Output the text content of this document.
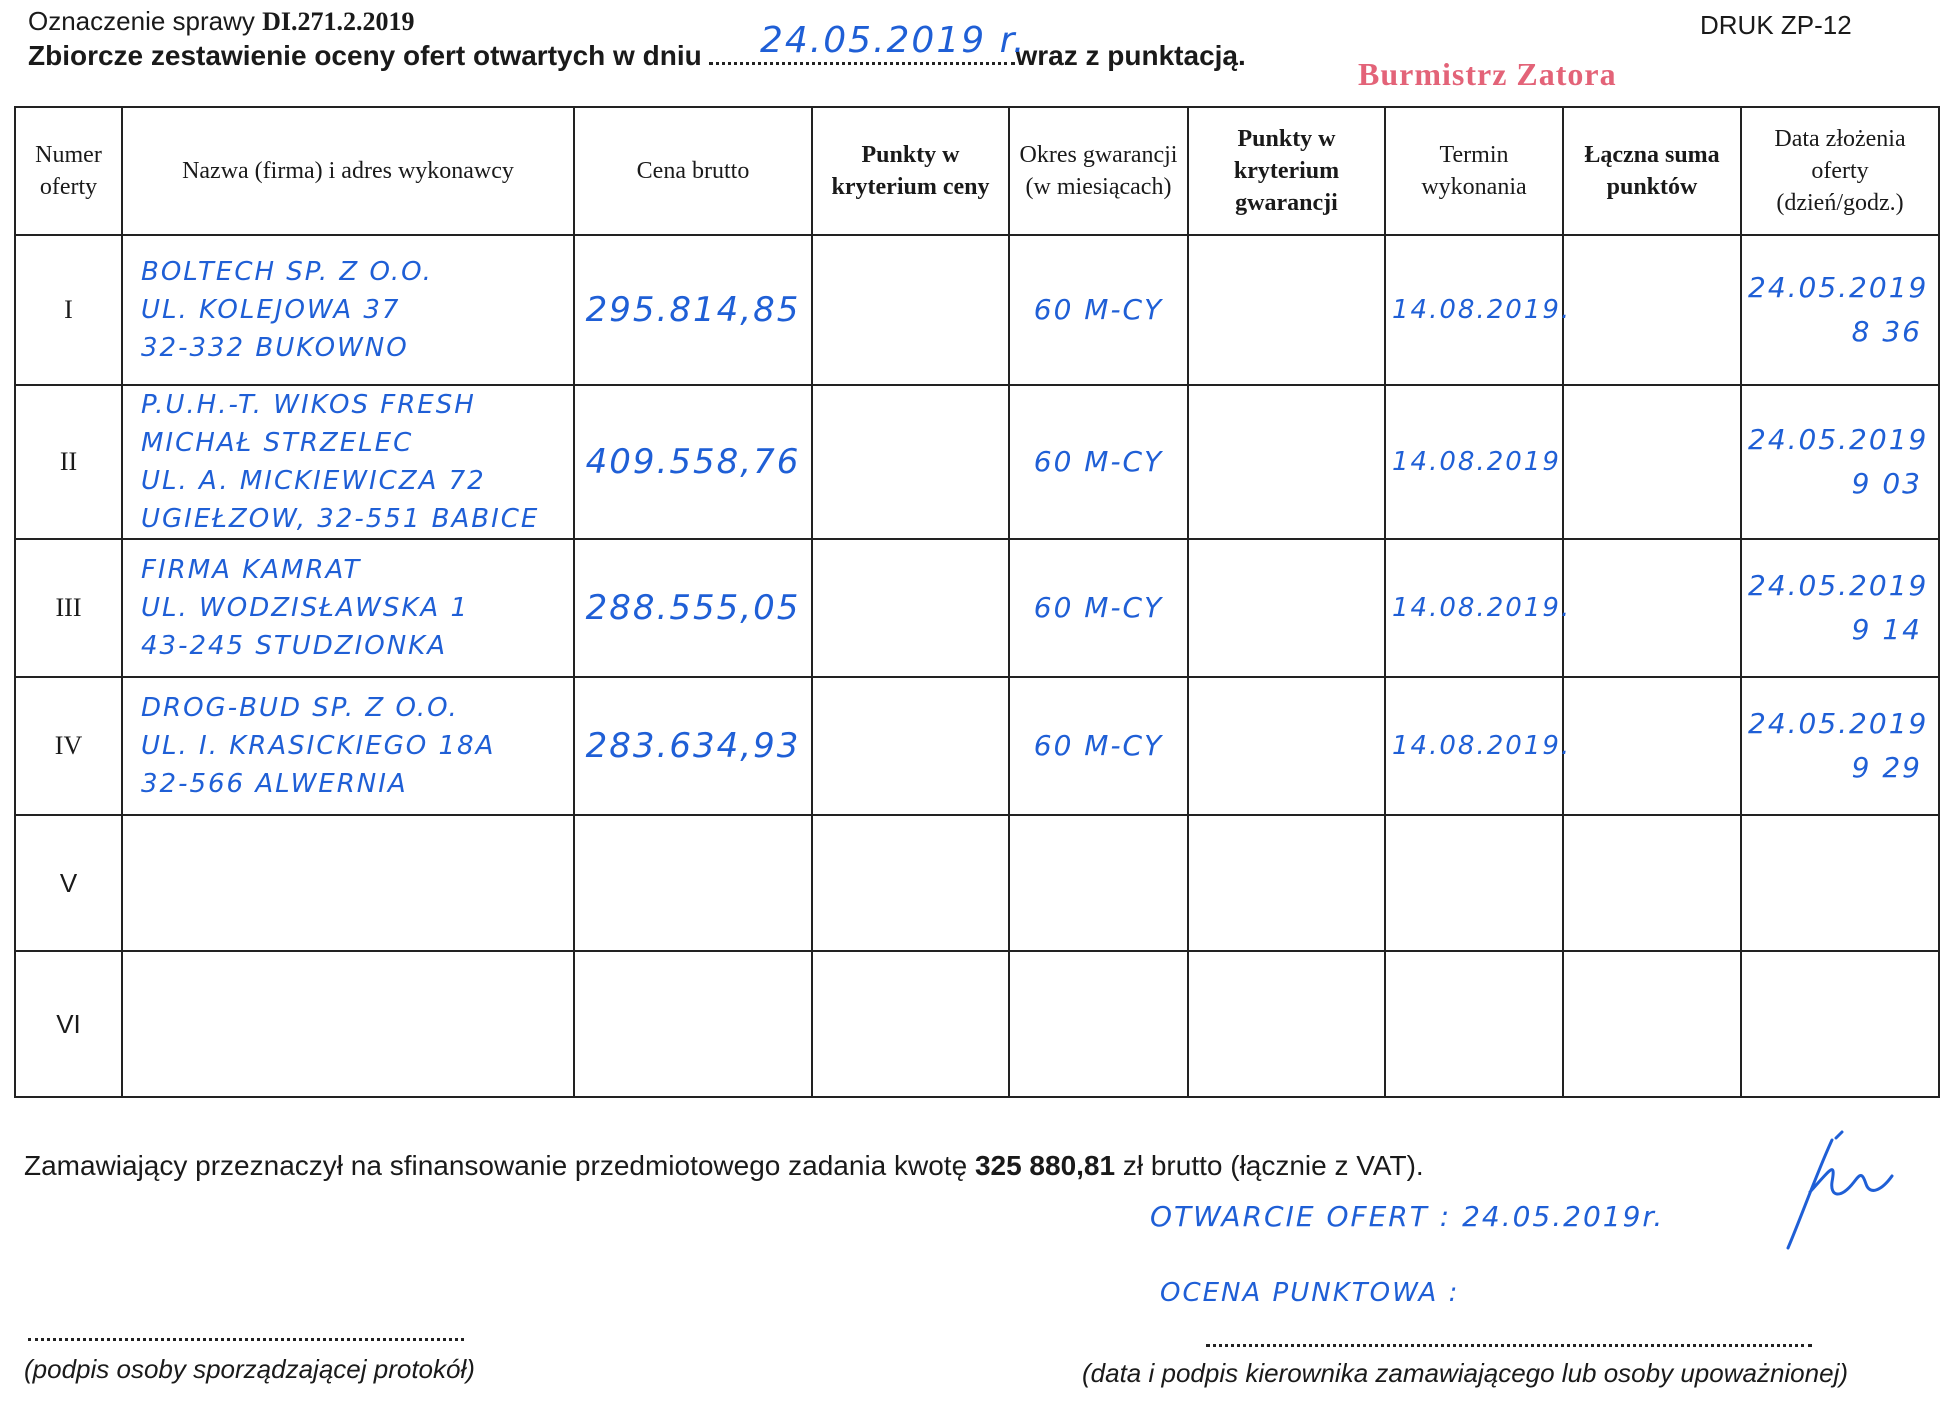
Oznaczenie sprawy DI.271.2.2019	DRUK ZP-12
Zbiorcze zestawienie oceny ofert otwartych w dniu	wraz z punktacją.
24.05.2019 r.
Burmistrz Zatora
Numer oferty	Nazwa (firma) i adres wykonawcy	Cena brutto	Punkty w kryterium ceny	Okres gwarancji (w miesiącach)	Punkty w kryterium gwarancji	Termin wykonania	Łączna suma punktów	Data złożenia oferty (dzień/godz.)
I	BOLTECH SP. Z O.O.
UL. KOLEJOWA 37
32-332 BUKOWNO	295.814,85		60 M-CY		14.08.2019.		24.05.2019
8 36

II	P.U.H.-T. WIKOS FRESH
MICHAŁ STRZELEC
UL. A. MICKIEWICZA 72
UGIEŁZOW, 32-551 BABICE	409.558,76		60 M-CY		14.08.2019		24.05.2019
9 03

III	FIRMA KAMRAT
UL. WODZISŁAWSKA 1
43-245 STUDZIONKA	288.555,05		60 M-CY		14.08.2019.		24.05.2019
9 14

IV	DROG-BUD SP. Z O.O.
UL. I. KRASICKIEGO 18A
32-566 ALWERNIA	283.634,93		60 M-CY		14.08.2019.		24.05.2019
9 29

V		

VI		

Zamawiający przeznaczył na sfinansowanie przedmiotowego zadania kwotę 325 880,81 zł brutto (łącznie z VAT).
OTWARCIE OFERT : 24.05.2019r.
OCENA PUNKTOWA :
(podpis osoby sporządzającej protokół)	(data i podpis kierownika zamawiającego lub osoby upoważnionej)
